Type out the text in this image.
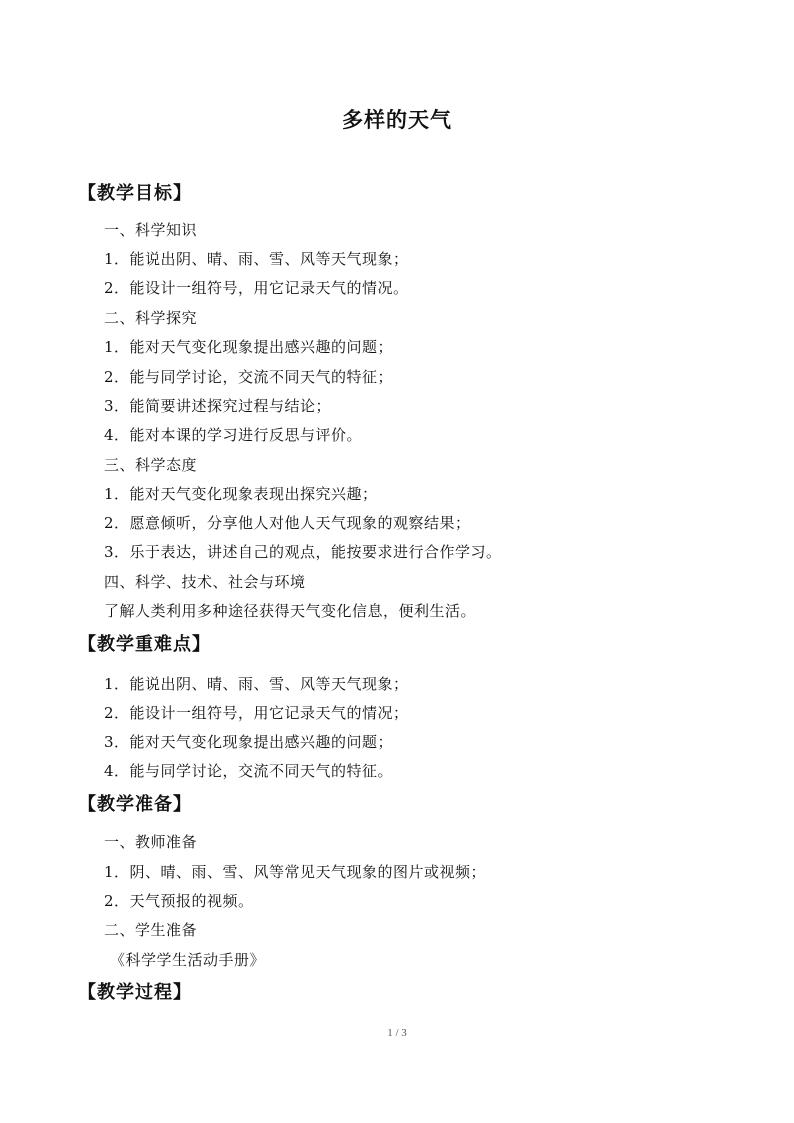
多样的天气
【教学目标】
一、科学知识
1．能说出阴、晴、雨、雪、风等天气现象；
2．能设计一组符号，用它记录天气的情况。
二、科学探究
1．能对天气变化现象提出感兴趣的问题；
2．能与同学讨论，交流不同天气的特征；
3．能简要讲述探究过程与结论；
4．能对本课的学习进行反思与评价。
三、科学态度
1．能对天气变化现象表现出探究兴趣；
2．愿意倾听，分享他人对他人天气现象的观察结果；
3．乐于表达，讲述自己的观点，能按要求进行合作学习。
四、科学、技术、社会与环境
了解人类利用多种途径获得天气变化信息，便利生活。
【教学重难点】
1．能说出阴、晴、雨、雪、风等天气现象；
2．能设计一组符号，用它记录天气的情况；
3．能对天气变化现象提出感兴趣的问题；
4．能与同学讨论，交流不同天气的特征。
【教学准备】
一、教师准备
1．阴、晴、雨、雪、风等常见天气现象的图片或视频；
2．天气预报的视频。
二、学生准备
《科学学生活动手册》
【教学过程】
1 / 3
